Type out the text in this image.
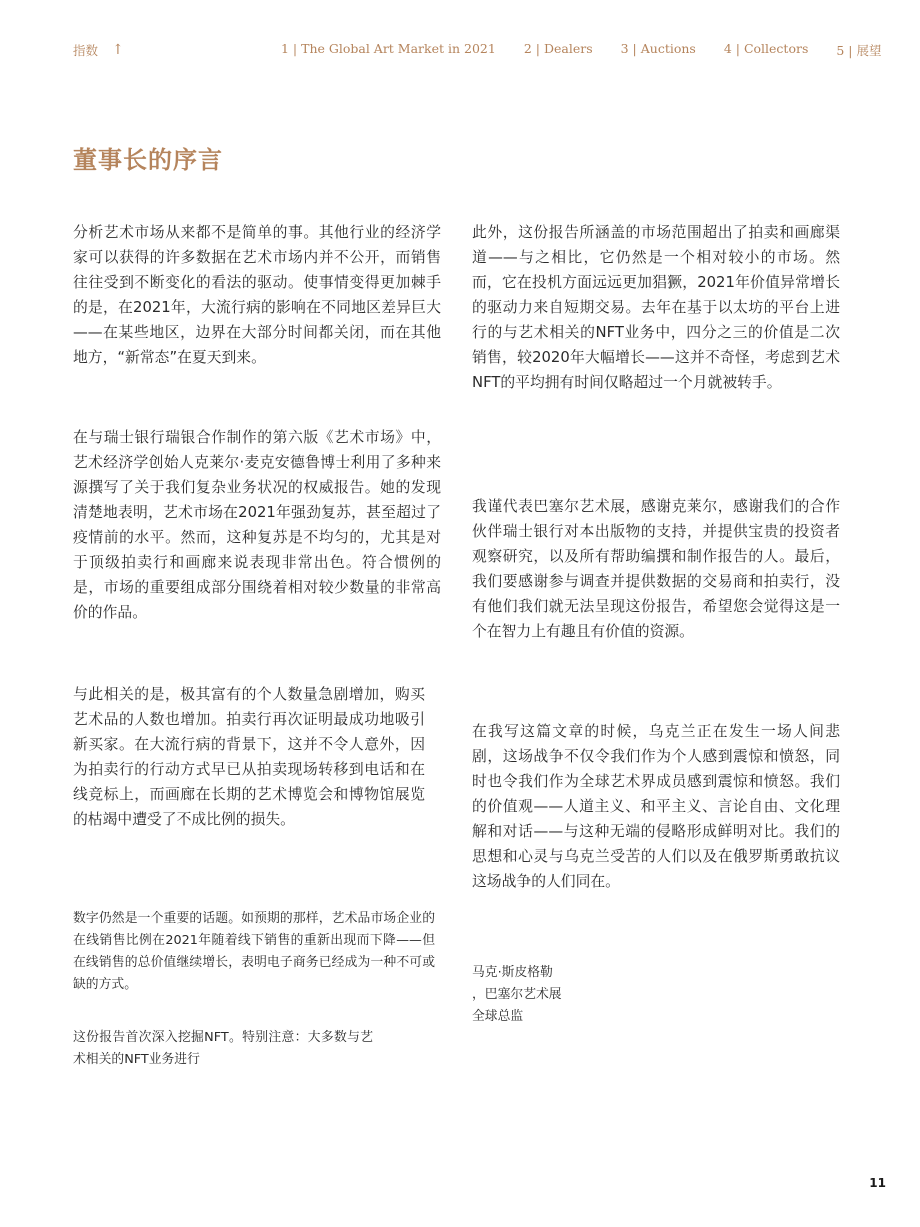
指数 ↑	1 | The Global Art Market in 2021 2 | Dealers 3 | Auctions 4 | Collectors 5 | 展望
董事长的序言

分析艺术市场从来都不是简单的事。其他行业的经济学家可以获得的许多数据在艺术市场内并不公开，而销售往往受到不断变化的看法的驱动。使事情变得更加棘手的是，在2021年，大流行病的影响在不同地区差异巨大——在某些地区，边界在大部分时间都关闭，而在其他地方，“新常态”在夏天到来。

在与瑞士银行瑞银合作制作的第六版《艺术市场》中，艺术经济学创始人克莱尔·麦克安德鲁博士利用了多种来源撰写了关于我们复杂业务状况的权威报告。她的发现清楚地表明，艺术市场在2021年强劲复苏，甚至超过了疫情前的水平。然而，这种复苏是不均匀的，尤其是对于顶级拍卖行和画廊来说表现非常出色。符合惯例的是，市场的重要组成部分围绕着相对较少数量的非常高价的作品。

与此相关的是，极其富有的个人数量急剧增加，购买艺术品的人数也增加。拍卖行再次证明最成功地吸引新买家。在大流行病的背景下，这并不令人意外，因为拍卖行的行动方式早已从拍卖现场转移到电话和在线竞标上，而画廊在长期的艺术博览会和博物馆展览的枯竭中遭受了不成比例的损失。

数字仍然是一个重要的话题。如预期的那样，艺术品市场企业的在线销售比例在2021年随着线下销售的重新出现而下降——但在线销售的总价值继续增长，表明电子商务已经成为一种不可或缺的方式。

这份报告首次深入挖掘NFT。特别注意：大多数与艺术相关的NFT业务进行

此外，这份报告所涵盖的市场范围超出了拍卖和画廊渠道——与之相比，它仍然是一个相对较小的市场。然而，它在投机方面远远更加猖獗，2021年价值异常增长的驱动力来自短期交易。去年在基于以太坊的平台上进行的与艺术相关的NFT业务中，四分之三的价值是二次销售，较2020年大幅增长——这并不奇怪，考虑到艺术NFT的平均拥有时间仅略超过一个月就被转手。

我谨代表巴塞尔艺术展，感谢克莱尔，感谢我们的合作伙伴瑞士银行对本出版物的支持，并提供宝贵的投资者观察研究，以及所有帮助编撰和制作报告的人。最后，我们要感谢参与调查并提供数据的交易商和拍卖行，没有他们我们就无法呈现这份报告，希望您会觉得这是一个在智力上有趣且有价值的资源。

在我写这篇文章的时候，乌克兰正在发生一场人间悲剧，这场战争不仅令我们作为个人感到震惊和愤怒，同时也令我们作为全球艺术界成员感到震惊和愤怒。我们的价值观——人道主义、和平主义、言论自由、文化理解和对话——与这种无端的侵略形成鲜明对比。我们的思想和心灵与乌克兰受苦的人们以及在俄罗斯勇敢抗议这场战争的人们同在。

马克·斯皮格勒
，巴塞尔艺术展
全球总监
11
